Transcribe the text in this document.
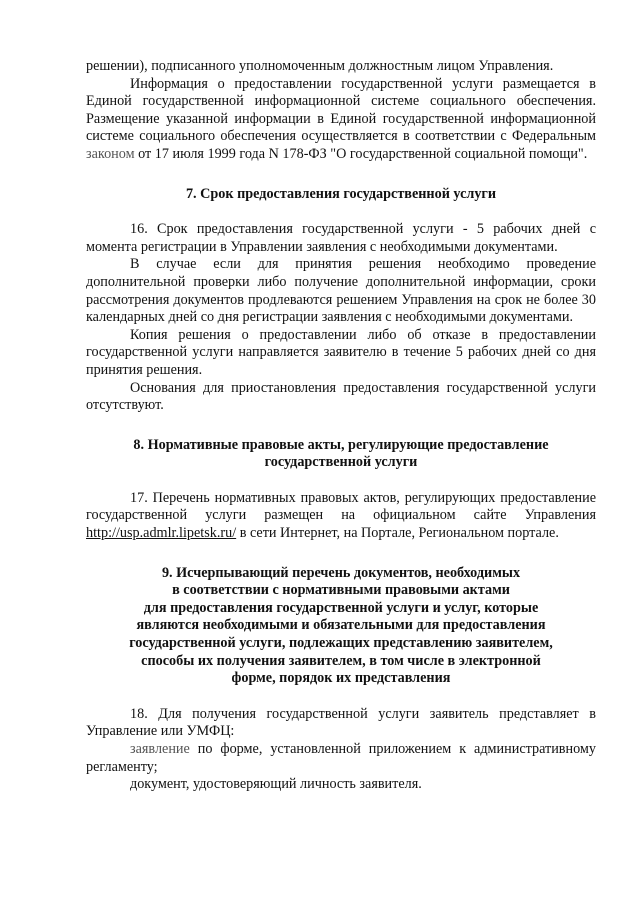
решении), подписанного уполномоченным должностным лицом Управления.

Информация о предоставлении государственной услуги размещается в Единой государственной информационной системе социального обеспечения. Размещение указанной информации в Единой государственной информационной системе социального обеспечения осуществляется в соответствии с Федеральным законом от 17 июля 1999 года N 178-ФЗ "О государственной социальной помощи".

7. Срок предоставления государственной услуги

16. Срок предоставления государственной услуги - 5 рабочих дней с момента регистрации в Управлении заявления с необходимыми документами.

В случае если для принятия решения необходимо проведение дополнительной проверки либо получение дополнительной информации, сроки рассмотрения документов продлеваются решением Управления на срок не более 30 календарных дней со дня регистрации заявления с необходимыми документами.

Копия решения о предоставлении либо об отказе в предоставлении государственной услуги направляется заявителю в течение 5 рабочих дней со дня принятия решения.

Основания для приостановления предоставления государственной услуги отсутствуют.

8. Нормативные правовые акты, регулирующие предоставление
государственной услуги

17. Перечень нормативных правовых актов, регулирующих предоставление государственной услуги размещен на официальном сайте Управления http://usp.admlr.lipetsk.ru/ в сети Интернет, на Портале, Региональном портале.

9. Исчерпывающий перечень документов, необходимых
в соответствии с нормативными правовыми актами
для предоставления государственной услуги и услуг, которые
являются необходимыми и обязательными для предоставления
государственной услуги, подлежащих представлению заявителем,
способы их получения заявителем, в том числе в электронной
форме, порядок их представления

18. Для получения государственной услуги заявитель представляет в Управление или УМФЦ:

заявление по форме, установленной приложением к административному регламенту;

документ, удостоверяющий личность заявителя.
